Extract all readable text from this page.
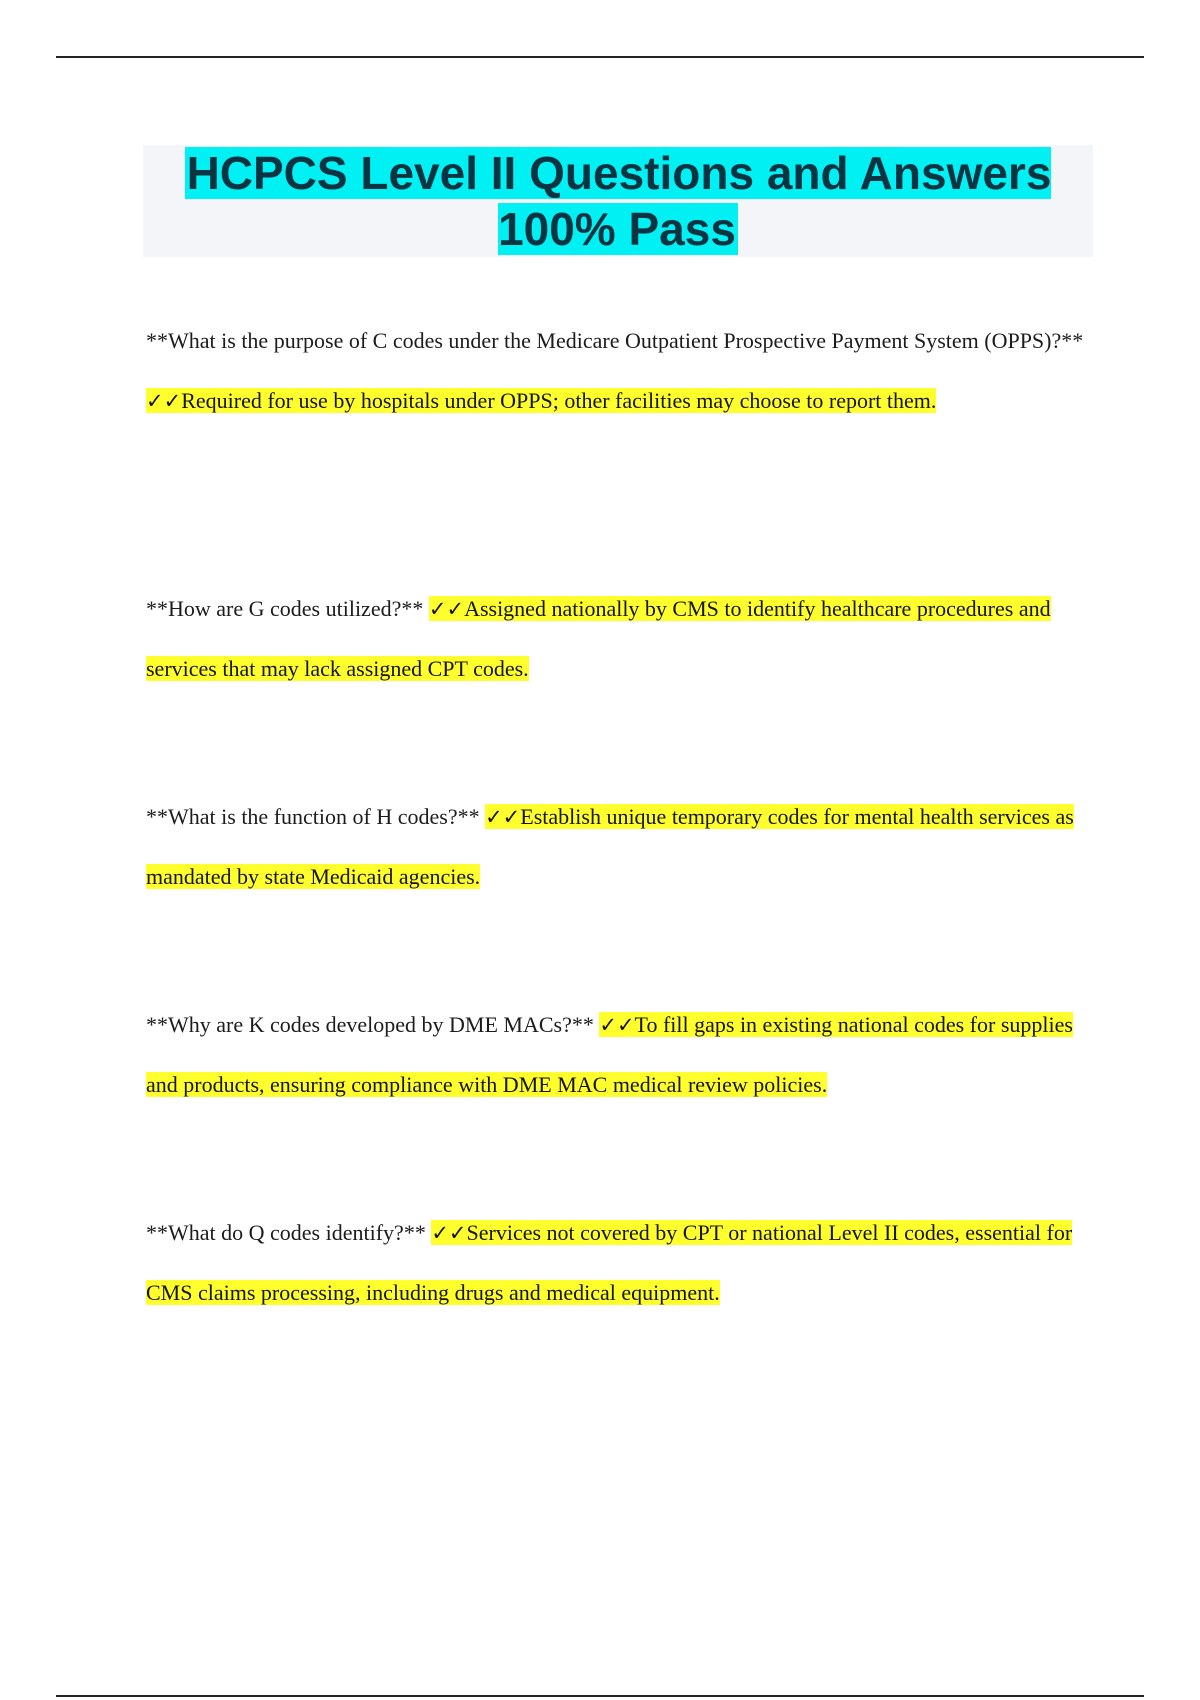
HCPCS Level II Questions and Answers 100% Pass

**What is the purpose of C codes under the Medicare Outpatient Prospective Payment System (OPPS)?** ✓✓Required for use by hospitals under OPPS; other facilities may choose to report them.

**How are G codes utilized?** ✓✓Assigned nationally by CMS to identify healthcare procedures and services that may lack assigned CPT codes.

**What is the function of H codes?** ✓✓Establish unique temporary codes for mental health services as mandated by state Medicaid agencies.

**Why are K codes developed by DME MACs?** ✓✓To fill gaps in existing national codes for supplies and products, ensuring compliance with DME MAC medical review policies.

**What do Q codes identify?** ✓✓Services not covered by CPT or national Level II codes, essential for CMS claims processing, including drugs and medical equipment.
